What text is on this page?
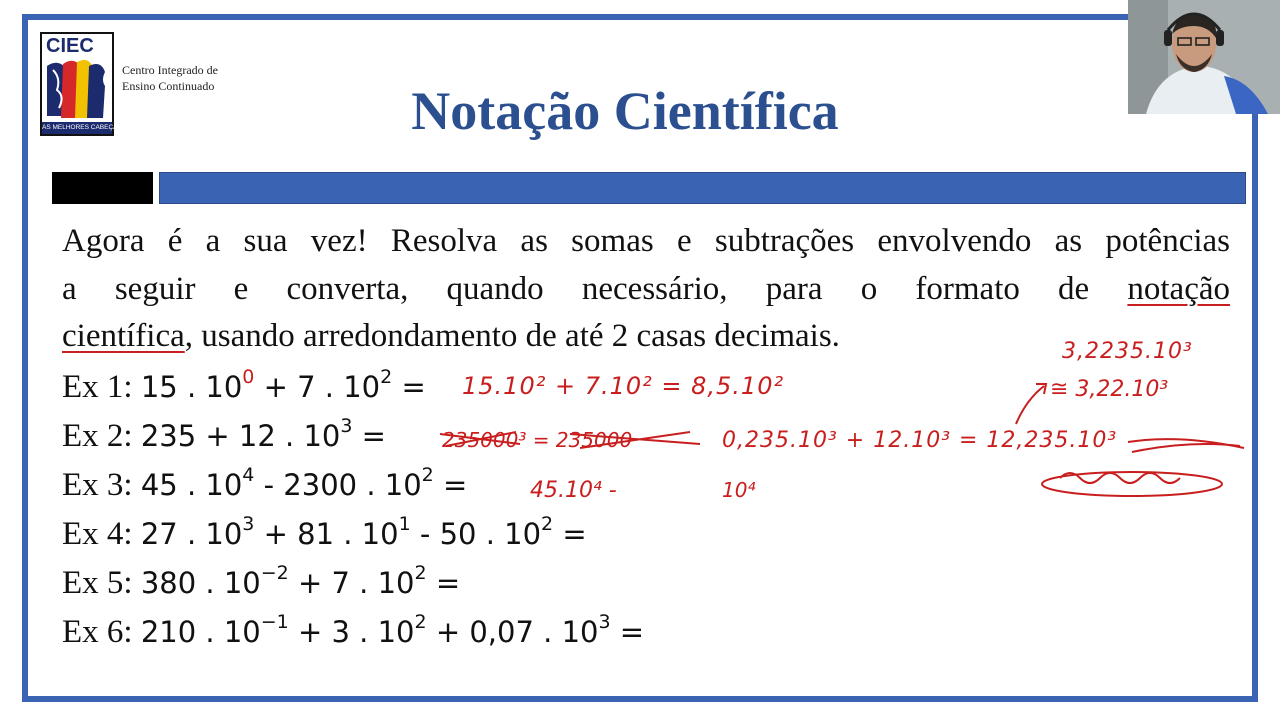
CIEC
AS MELHORES CABEÇAS
Centro Integrado de
Ensino Continuado	Notação Científica
Agora é a sua vez! Resolva as somas e subtrações envolvendo as potências
a seguir e converta, quando necessário, para o formato de notação
científica, usando arredondamento de até 2 casas decimais.
Ex 1: 15 . $10^0 + 7$ . $10^2$ =
Ex 2: 235 + 12 . $10^3$ =
Ex 3: 45 . $10^4 - 2300$ . $10^2$ =
Ex 4: 27 . $10^3 + 81$ . $10^1 - 50$ . $10^2$ =
Ex 5: 380 . $10^{-2} + 7$ . $10^2$ =
Ex 6: 210 . $10^{-1} + 3$ . $10^2 + 0,07$ . $10^3$ =
15.10² + 7.10² = 8,5.10²
235000³ = 235000	0,235.10³ + 12.10³ = 12,235.10³
45.10⁴ -	10⁴
3,2235.10³
≅ 3,22.10³
